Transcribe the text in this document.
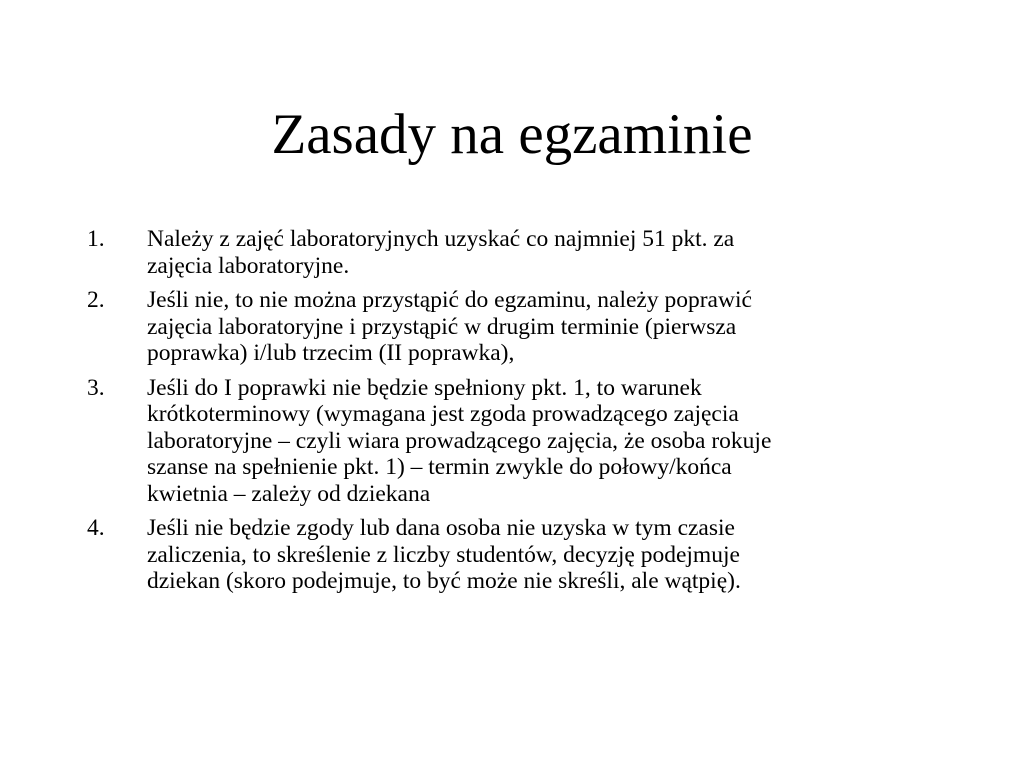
Zasady na egzaminie
1.	Należy z zajęć laboratoryjnych uzyskać co najmniej 51 pkt. za
zajęcia laboratoryjne.
2.	Jeśli nie, to nie można przystąpić do egzaminu, należy poprawić
zajęcia laboratoryjne i przystąpić w drugim terminie (pierwsza
poprawka) i/lub trzecim (II poprawka),
3.	Jeśli do I poprawki nie będzie spełniony pkt. 1, to warunek
krótkoterminowy (wymagana jest zgoda prowadzącego zajęcia
laboratoryjne – czyli wiara prowadzącego zajęcia, że osoba rokuje
szanse na spełnienie pkt. 1) – termin zwykle do połowy/końca
kwietnia – zależy od dziekana
4.	Jeśli nie będzie zgody lub dana osoba nie uzyska w tym czasie
zaliczenia, to skreślenie z liczby studentów, decyzję podejmuje
dziekan (skoro podejmuje, to być może nie skreśli, ale wątpię).
